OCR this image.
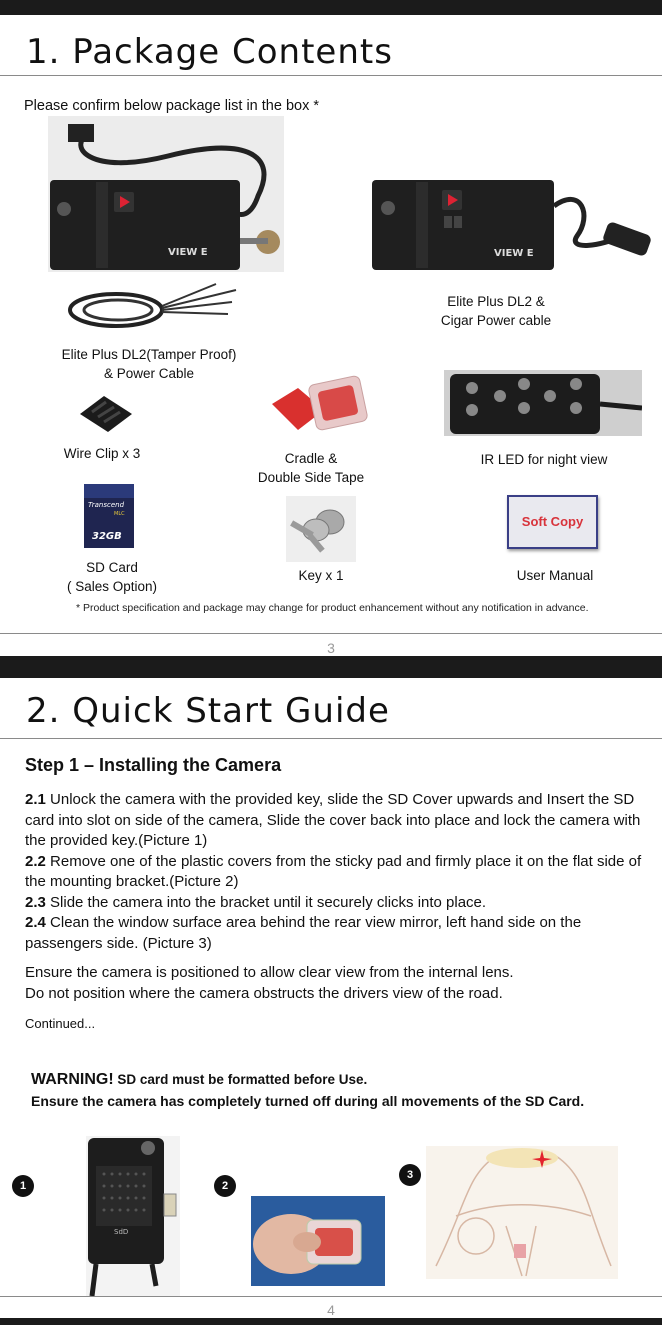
1. Package Contents
Please confirm below package list in the box *
VIEW E	VIEW E
Elite Plus DL2 &
Cigar Power cable
Elite Plus DL2(Tamper Proof)
& Power Cable
Wire Clip x 3	Cradle &
Double Side Tape
IR LED for night view
Transcend
MLC
32GB
Soft Copy
SD Card
( Sales Option)
Key x 1	User Manual
* Product specification and package may change for product enhancement without any notification in advance.
3
2. Quick Start Guide
Step 1 – Installing the Camera
2.1 Unlock the camera with the provided key, slide the SD Cover upwards and Insert the SD card into slot on side of the camera, Slide the cover back into place and lock the camera with the provided key.(Picture 1)
2.2 Remove one of the plastic covers from the sticky pad and firmly place it on the flat side of the mounting bracket.(Picture 2)
2.3 Slide the camera into the bracket until it securely clicks into place.
2.4 Clean the window surface area behind the rear view mirror, left hand side on the passengers side. (Picture 3)
Ensure the camera is positioned to allow clear view from the internal lens.
Do not position where the camera obstructs the drivers view of the road.
Continued...
WARNING! SD card must be formatted before Use.
Ensure the camera has completely turned off during all movements of the SD Card.
1	2
3
SdD
4
